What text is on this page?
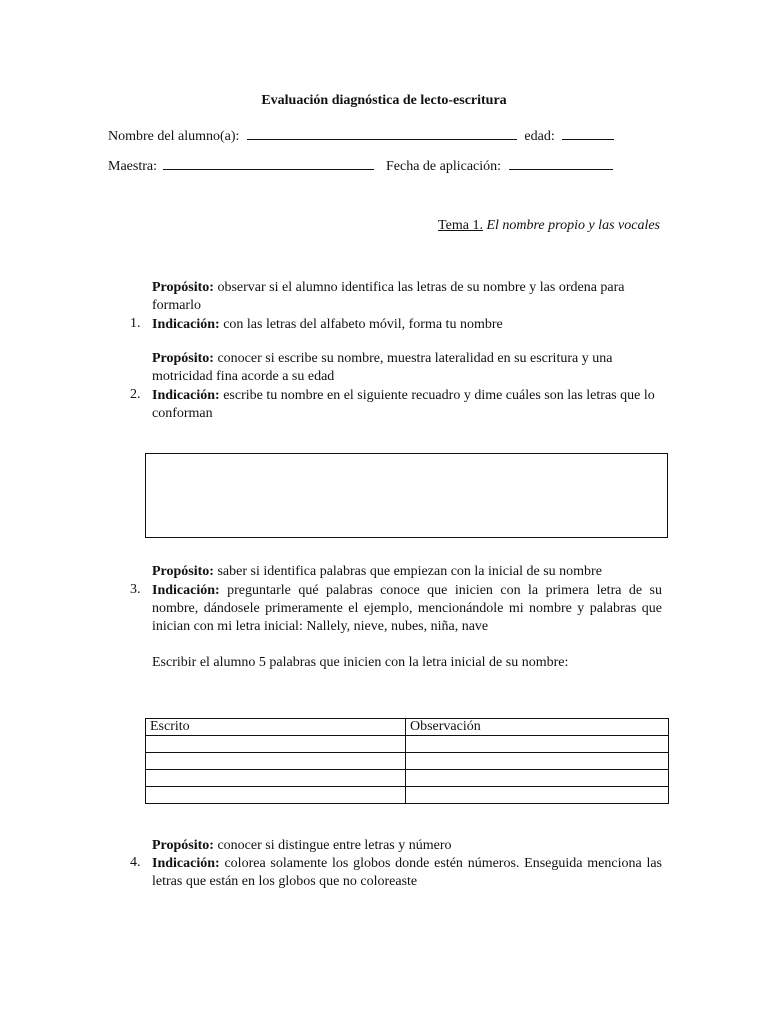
Evaluación diagnóstica de lecto-escritura
Nombre del alumno(a):	edad:
Maestra:	Fecha de aplicación:
Tema 1. El nombre propio y las vocales
Propósito: observar si el alumno identifica las letras de su nombre y las ordena para formarlo
1. Indicación: con las letras del alfabeto móvil, forma tu nombre
Propósito: conocer si escribe su nombre, muestra lateralidad en su escritura y una motricidad fina acorde a su edad
2. Indicación: escribe tu nombre en el siguiente recuadro y dime cuáles son las letras que lo conforman
Propósito: saber si identifica palabras que empiezan con la inicial de su nombre
3. Indicación: preguntarle qué palabras conoce que inicien con la primera letra de su nombre, dándosele primeramente el ejemplo, mencionándole mi nombre y palabras que inician con mi letra inicial: Nallely, nieve, nubes, niña, nave
Escribir el alumno 5 palabras que inicien con la letra inicial de su nombre:
Escrito	Observación

Propósito: conocer si distingue entre letras y número
4. Indicación: colorea solamente los globos donde estén números. Enseguida menciona las letras que están en los globos que no coloreaste
